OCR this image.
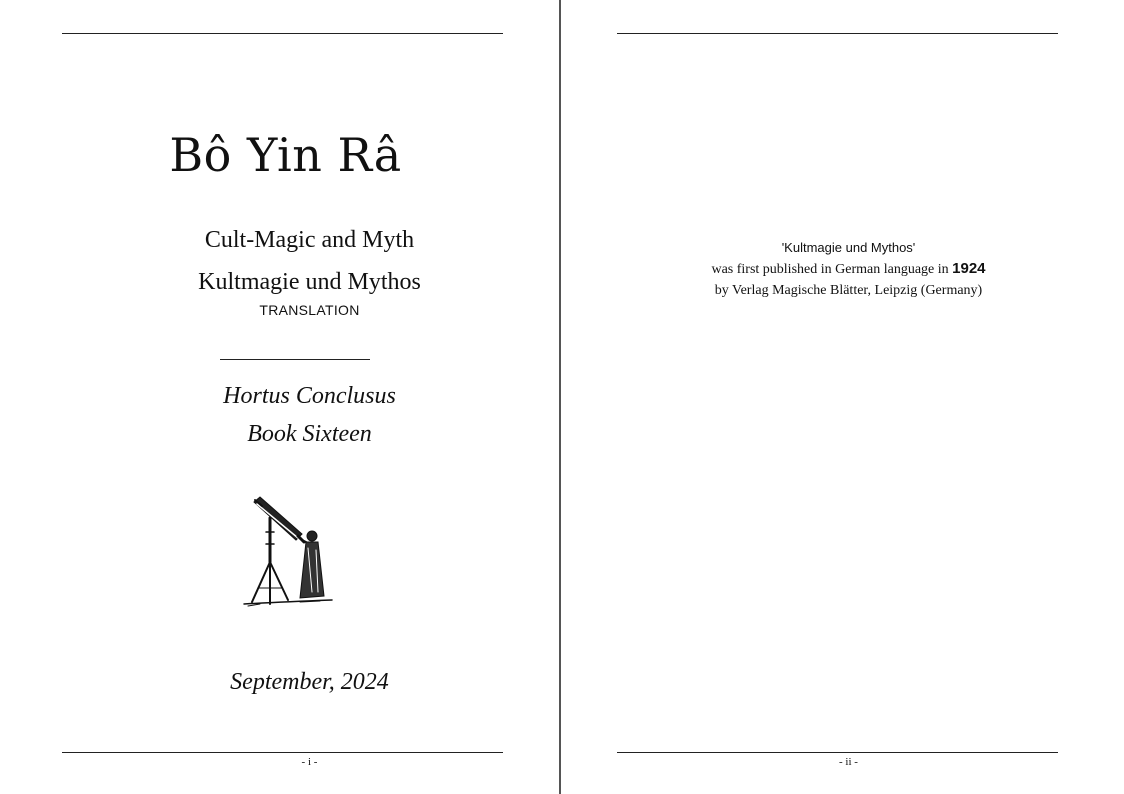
Bô Yin Râ
Cult-Magic and Myth
Kultmagie und Mythos
TRANSLATION
Hortus Conclusus
Book Sixteen
September, 2024
- i -
'Kultmagie und Mythos'
was first published in German language in 1924
by Verlag Magische Blätter, Leipzig (Germany)
- ii -
